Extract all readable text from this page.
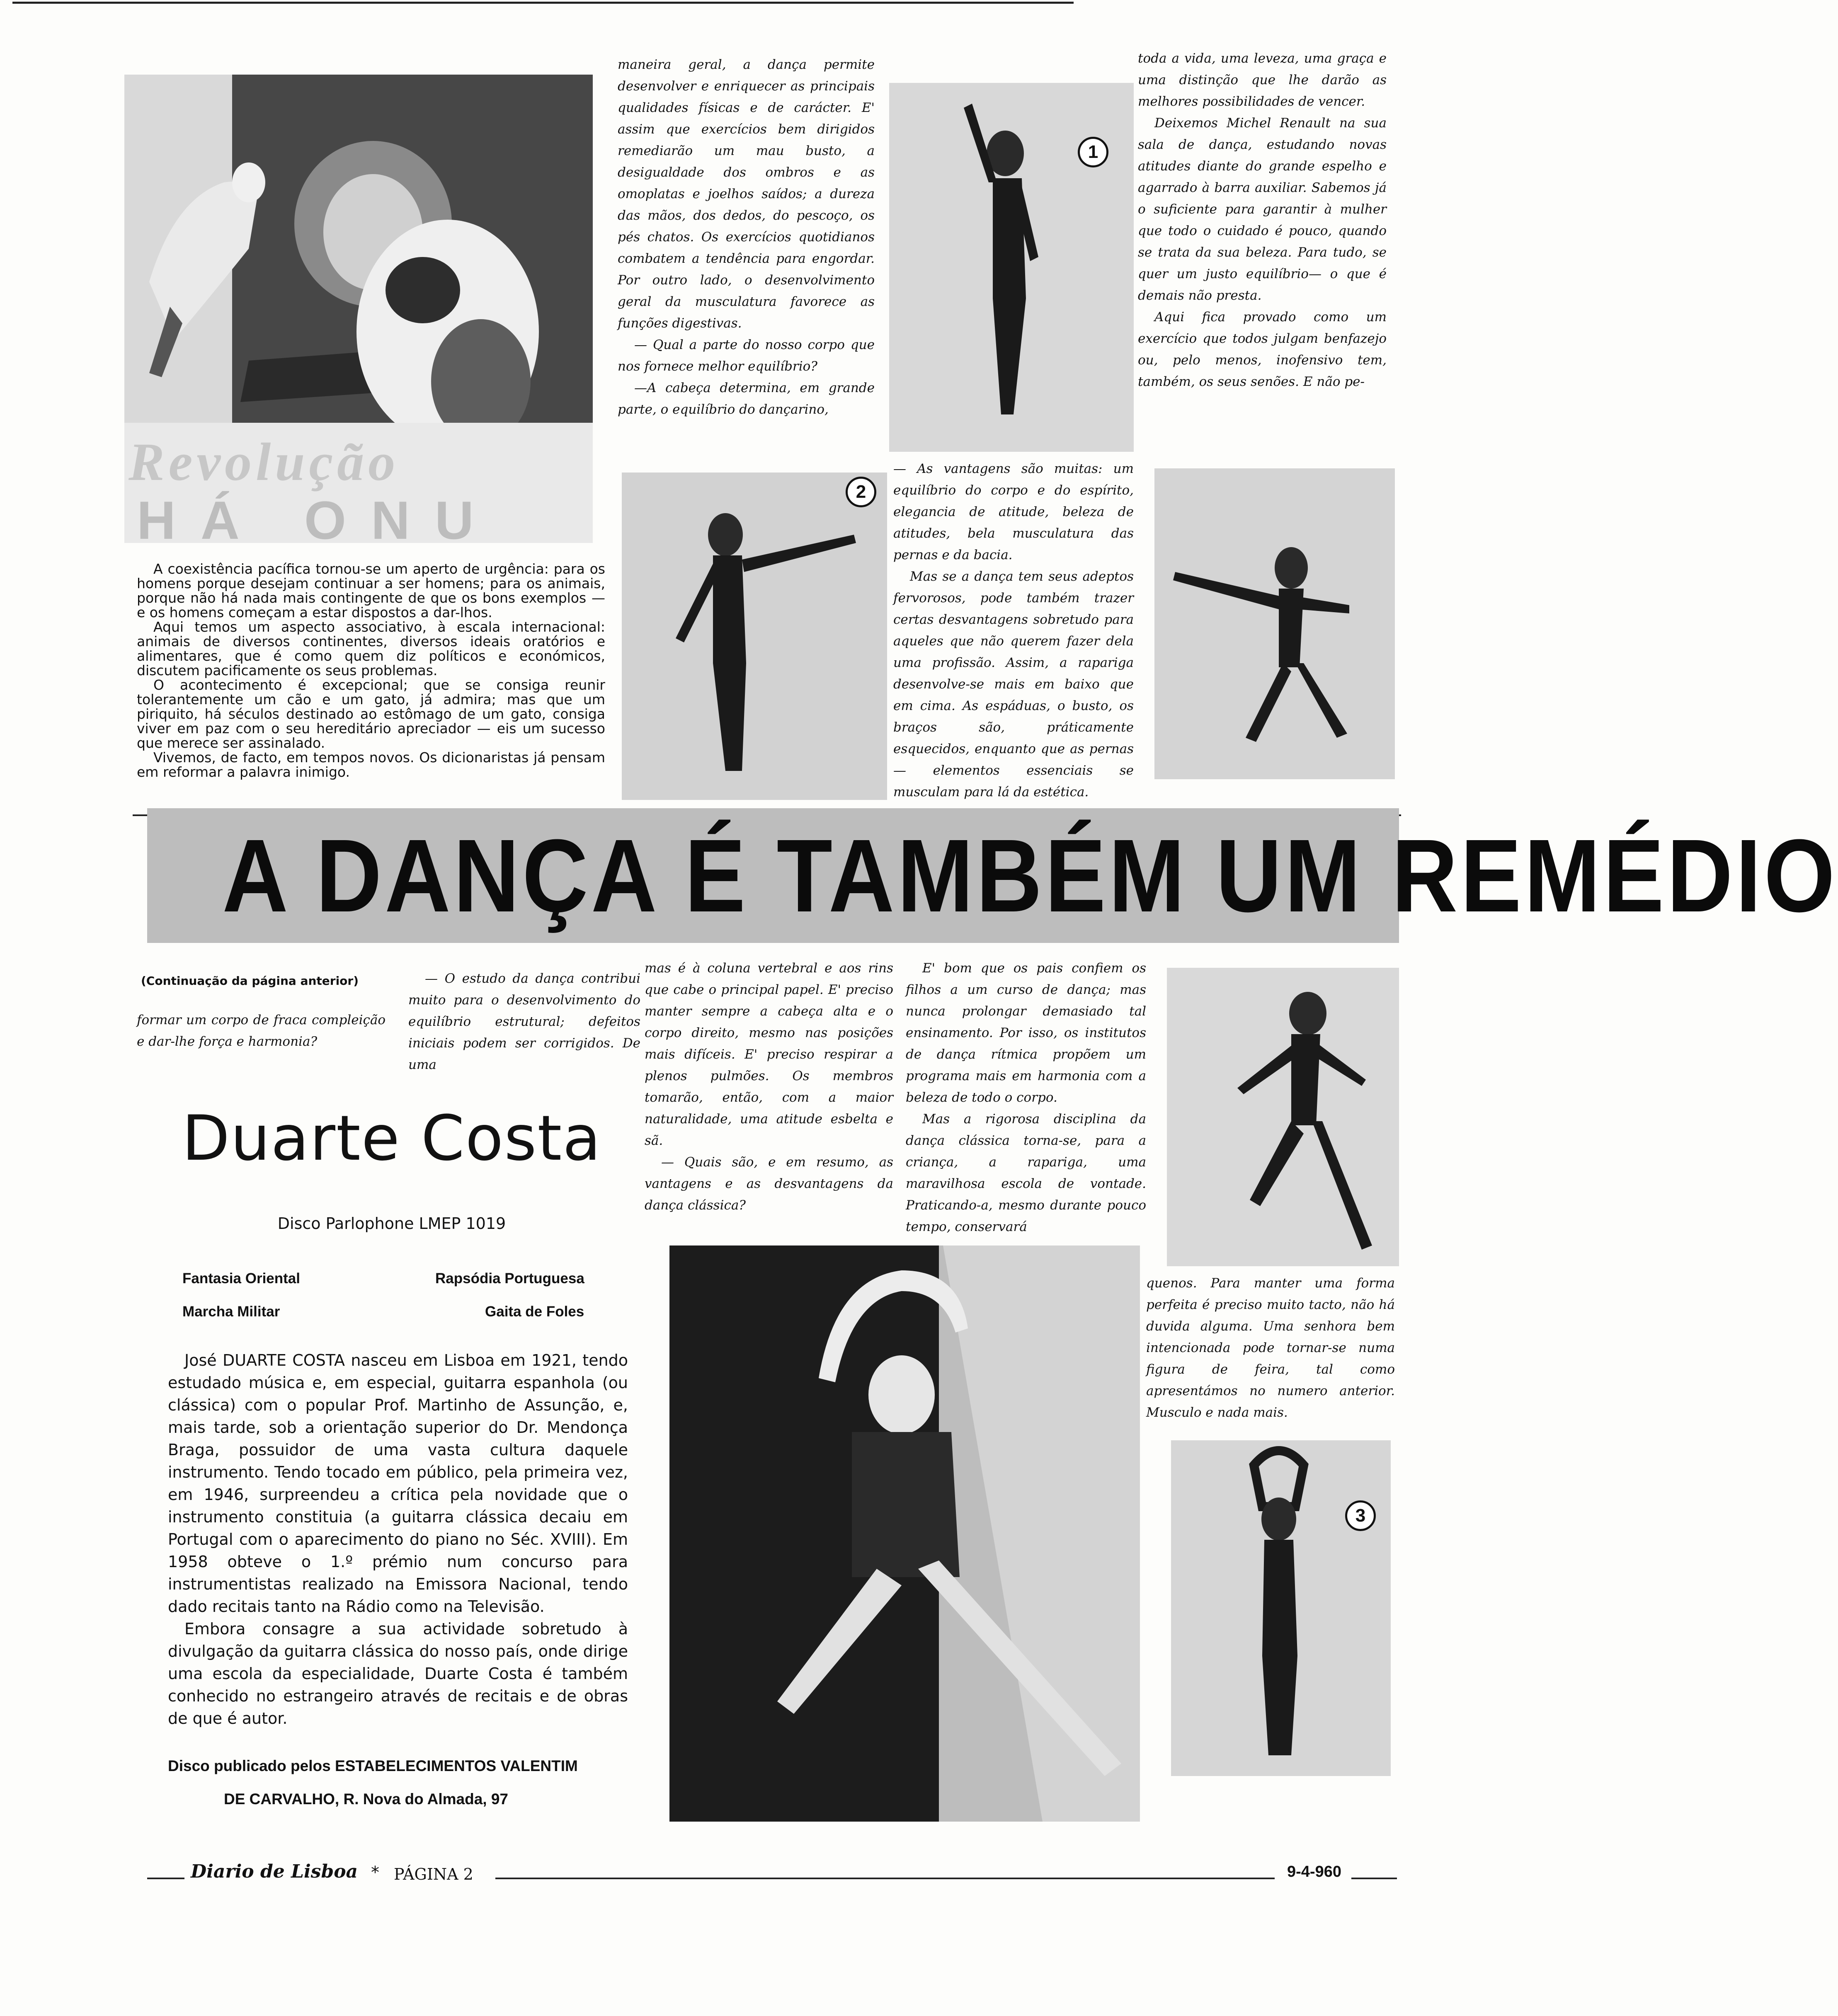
Revolução
HÁ ONU

A coexistência pacífica tornou-se um aperto de urgência: para os homens porque desejam continuar a ser homens; para os animais, porque não há nada mais contingente de que os bons exemplos — e os homens começam a estar dispostos a dar-lhos.

Aqui temos um aspecto associativo, à escala internacional: animais de diversos continentes, diversos ideais oratórios e alimentares, que é como quem diz políticos e económicos, discutem pacificamente os seus problemas.

O acontecimento é excepcional; que se consiga reunir tolerantemente um cão e um gato, já admira; mas que um piriquito, há séculos destinado ao estômago de um gato, consiga viver em paz com o seu hereditário apreciador — eis um sucesso que merece ser assinalado.

Vivemos, de facto, em tempos novos. Os dicionaristas já pensam em reformar a palavra inimigo.

maneira geral, a dança permite desenvolver e enriquecer as principais qualidades físicas e de carácter. E' assim que exercícios bem dirigidos remediarão um mau busto, a desigualdade dos ombros e as omoplatas e joelhos saídos; a dureza das mãos, dos dedos, do pescoço, os pés chatos. Os exercícios quotidianos combatem a tendência para engordar. Por outro lado, o desenvolvimento geral da musculatura favorece as funções digestivas.

— Qual a parte do nosso corpo que nos fornece melhor equilíbrio?

—A cabeça determina, em grande parte, o equilíbrio do dançarino,

1

toda a vida, uma leveza, uma graça e uma distinção que lhe darão as melhores possibilidades de vencer.

Deixemos Michel Renault na sua sala de dança, estudando novas atitudes diante do grande espelho e agarrado à barra auxiliar. Sabemos já o suficiente para garantir à mulher que todo o cuidado é pouco, quando se trata da sua beleza. Para tudo, se quer um justo equilíbrio— o que é demais não presta.

Aqui fica provado como um exercício que todos julgam benfazejo ou, pelo menos, inofensivo tem, também, os seus senões. E não pe-

2

— As vantagens são muitas: um equilíbrio do corpo e do espírito, elegancia de atitude, beleza de atitudes, bela musculatura das pernas e da bacia.

Mas se a dança tem seus adeptos fervorosos, pode também trazer certas desvantagens sobretudo para aqueles que não querem fazer dela uma profissão. Assim, a rapariga desenvolve-se mais em baixo que em cima. As espáduas, o busto, os braços são, práticamente esquecidos, enquanto que as pernas — elementos essenciais se musculam para lá da estética.

A DANÇA É TAMBÉM UM REMÉDIO
(Continuação da página anterior)

formar um corpo de fraca compleição e dar-lhe força e harmonia?

— O estudo da dança contribui muito para o desenvolvimento do equilíbrio estrutural; defeitos iniciais podem ser corrigidos. De uma

mas é à coluna vertebral e aos rins que cabe o principal papel. E' preciso manter sempre a cabeça alta e o corpo direito, mesmo nas posições mais difíceis. E' preciso respirar a plenos pulmões. Os membros tomarão, então, com a maior naturalidade, uma atitude esbelta e sã.

— Quais são, e em resumo, as vantagens e as desvantagens da dança clássica?

E' bom que os pais confiem os filhos a um curso de dança; mas nunca prolongar demasiado tal ensinamento. Por isso, os institutos de dança rítmica propõem um programa mais em harmonia com a beleza de todo o corpo.

Mas a rigorosa disciplina da dança clássica torna-se, para a criança, a rapariga, uma maravilhosa escola de vontade. Praticando-a, mesmo durante pouco tempo, conservará

quenos. Para manter uma forma perfeita é preciso muito tacto, não há duvida alguma. Uma senhora bem intencionada pode tornar-se numa figura de feira, tal como apresentámos no numero anterior. Musculo e nada mais.

3
Duarte Costa
Disco Parlophone LMEP 1019
Fantasia Oriental	Rapsódia Portuguesa
Marcha Militar	Gaita de Foles

José DUARTE COSTA nasceu em Lisboa em 1921, tendo estudado música e, em especial, guitarra espanhola (ou clássica) com o popular Prof. Martinho de Assunção, e, mais tarde, sob a orientação superior do Dr. Mendonça Braga, possuidor de uma vasta cultura daquele instrumento. Tendo tocado em público, pela primeira vez, em 1946, surpreendeu a crítica pela novidade que o instrumento constituia (a guitarra clássica decaiu em Portugal com o aparecimento do piano no Séc. XVIII). Em 1958 obteve o 1.º prémio num concurso para instrumentistas realizado na Emissora Nacional, tendo dado recitais tanto na Rádio como na Televisão.

Embora consagre a sua actividade sobretudo à divulgação da guitarra clássica do nosso país, onde dirige uma escola da especialidade, Duarte Costa é também conhecido no estrangeiro através de recitais e de obras de que é autor.

Disco publicado pelos ESTABELECIMENTOS VALENTIM
DE CARVALHO, R. Nova do Almada, 97
Diario de Lisboa * PÁGINA 2	9-4-960
